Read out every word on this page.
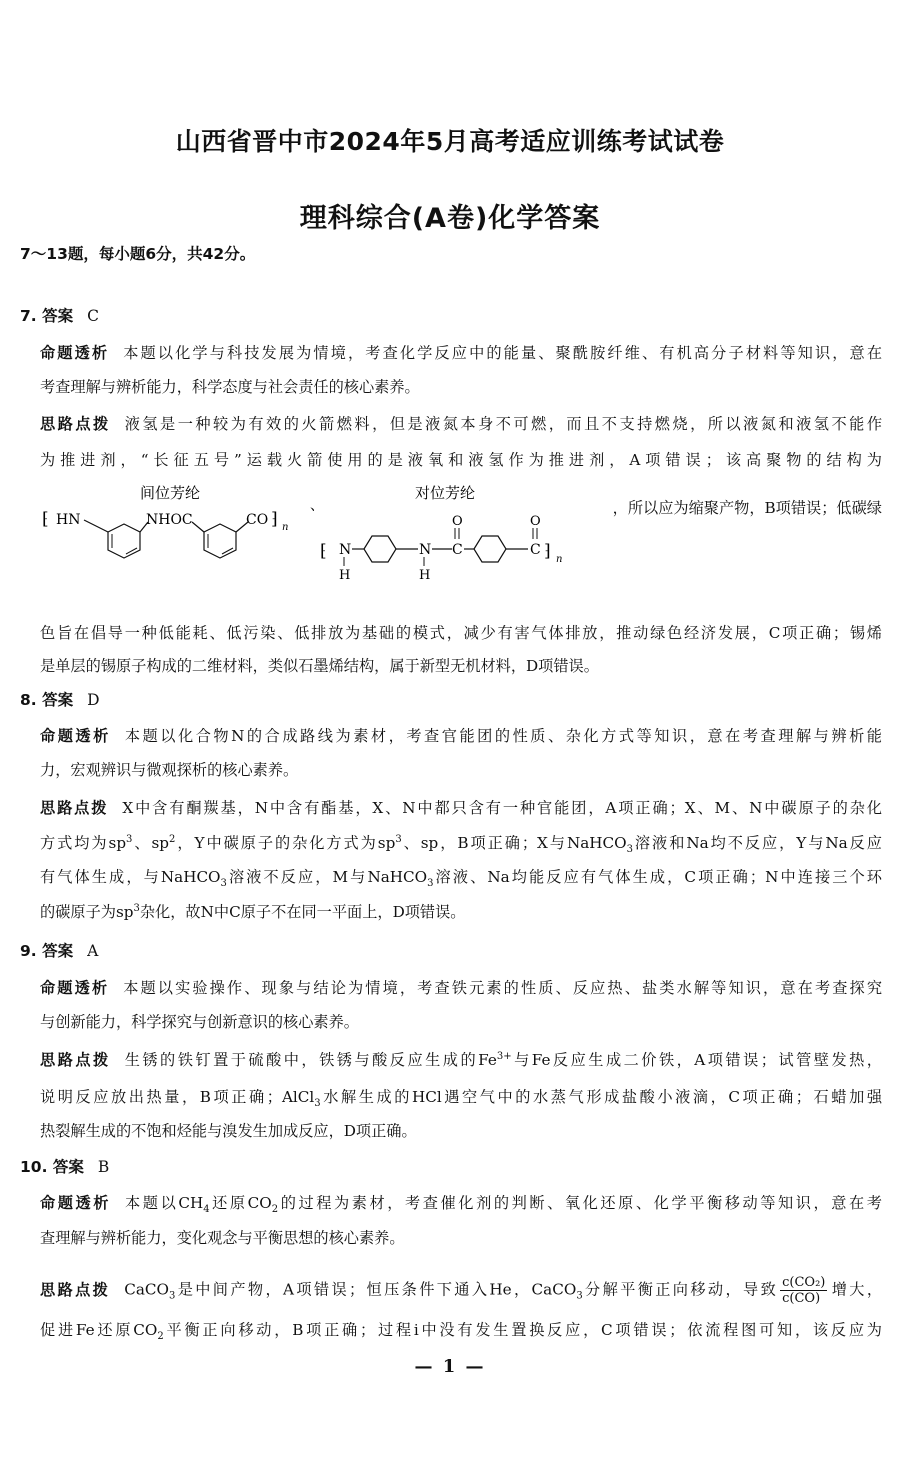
山西省晋中市2024年5月高考适应训练考试试卷
理科综合(A卷)化学答案
7～13题，每小题6分，共42分。
7. 答案 C
命题透析 本题以化学与科技发展为情境，考查化学反应中的能量、聚酰胺纤维、有机高分子材料等知识，意在
考查理解与辨析能力，科学态度与社会责任的核心素养。
思路点拨 液氢是一种较为有效的火箭燃料，但是液氮本身不可燃，而且不支持燃烧，所以液氮和液氢不能作
为推进剂，“长征五号”运载火箭使用的是液氧和液氢作为推进剂，A项错误；该高聚物的结构为
间位芳纶
⁅ HN	NHOC	CO ⁆ n
、
对位芳纶
⁅ N
H
N
H
C
O
C
O
⁆ n
，所以应为缩聚产物，B项错误；低碳绿
色旨在倡导一种低能耗、低污染、低排放为基础的模式，减少有害气体排放，推动绿色经济发展，C项正确；锡烯
是单层的锡原子构成的二维材料，类似石墨烯结构，属于新型无机材料，D项错误。
8. 答案 D
命题透析 本题以化合物N的合成路线为素材，考查官能团的性质、杂化方式等知识，意在考查理解与辨析能
力，宏观辨识与微观探析的核心素养。
思路点拨 X中含有酮羰基，N中含有酯基，X、N中都只含有一种官能团，A项正确；X、M、N中碳原子的杂化
方式均为$sp^3$、$sp^2$，Y中碳原子的杂化方式为$sp^3$、sp，B项正确；X与NaHCO$_3$溶液和Na均不反应，Y与Na反应
有气体生成，与NaHCO$_3$溶液不反应，M与NaHCO$_3$溶液、Na均能反应有气体生成，C项正确；N中连接三个环
的碳原子为$sp^3$杂化，故N中C原子不在同一平面上，D项错误。
9. 答案 A
命题透析 本题以实验操作、现象与结论为情境，考查铁元素的性质、反应热、盐类水解等知识，意在考查探究
与创新能力，科学探究与创新意识的核心素养。
思路点拨 生锈的铁钉置于硫酸中，铁锈与酸反应生成的$Fe^{3+}$与Fe反应生成二价铁，A项错误；试管壁发热，
说明反应放出热量，B项正确；AlCl$_3$水解生成的HCl遇空气中的水蒸气形成盐酸小液滴，C项正确；石蜡加强
热裂解生成的不饱和烃能与溴发生加成反应，D项正确。
10. 答案 B
命题透析 本题以$CH_4$还原$CO_2$的过程为素材，考查催化剂的判断、氧化还原、化学平衡移动等知识，意在考
查理解与辨析能力，变化观念与平衡思想的核心素养。
思路点拨 CaCO$_3$是中间产物，A项错误；恒压条件下通入He，CaCO$_3$分解平衡正向移动，导致 $\frac{\text{c(CO₂)}}{c(CO)}$ 增大，
促进Fe还原$CO_2$平衡正向移动，B项正确；过程ⅰ中没有发生置换反应，C项错误；依流程图可知，该反应为
— 1 —
